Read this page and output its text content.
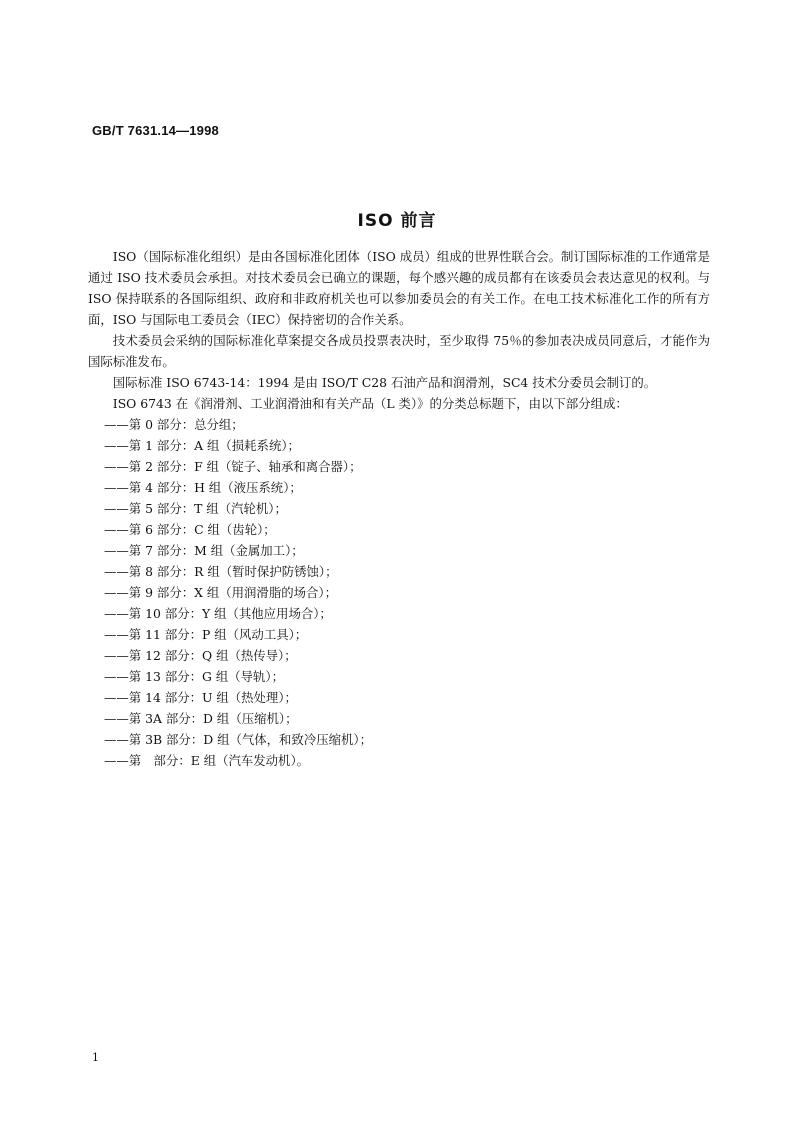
GB/T 7631.14—1998
ISO 前言

ISO（国际标准化组织）是由各国标准化团体（ISO 成员）组成的世界性联合会。制订国际标准的工作通常是通过 ISO 技术委员会承担。对技术委员会已确立的课题，每个感兴趣的成员都有在该委员会表达意见的权利。与 ISO 保持联系的各国际组织、政府和非政府机关也可以参加委员会的有关工作。在电工技术标准化工作的所有方面，ISO 与国际电工委员会（IEC）保持密切的合作关系。

技术委员会采纳的国际标准化草案提交各成员投票表决时，至少取得 75％的参加表决成员同意后，才能作为国际标准发布。

国际标准 ISO 6743-14：1994 是由 ISO/T C28 石油产品和润滑剂，SC4 技术分委员会制订的。

ISO 6743 在《润滑剂、工业润滑油和有关产品（L 类）》的分类总标题下，由以下部分组成：

——第 0 部分：总分组；
——第 1 部分：A 组（损耗系统）；
——第 2 部分：F 组（锭子、轴承和离合器）；
——第 4 部分：H 组（液压系统）；
——第 5 部分：T 组（汽轮机）；
——第 6 部分：C 组（齿轮）；
——第 7 部分：M 组（金属加工）；
——第 8 部分：R 组（暂时保护防锈蚀）；
——第 9 部分：X 组（用润滑脂的场合）；
——第 10 部分：Y 组（其他应用场合）；
——第 11 部分：P 组（风动工具）；
——第 12 部分：Q 组（热传导）；
——第 13 部分：G 组（导轨）；
——第 14 部分：U 组（热处理）；
——第 3A 部分：D 组（压缩机）；
——第 3B 部分：D 组（气体，和致冷压缩机）；
——第　部分：E 组（汽车发动机）。
1
